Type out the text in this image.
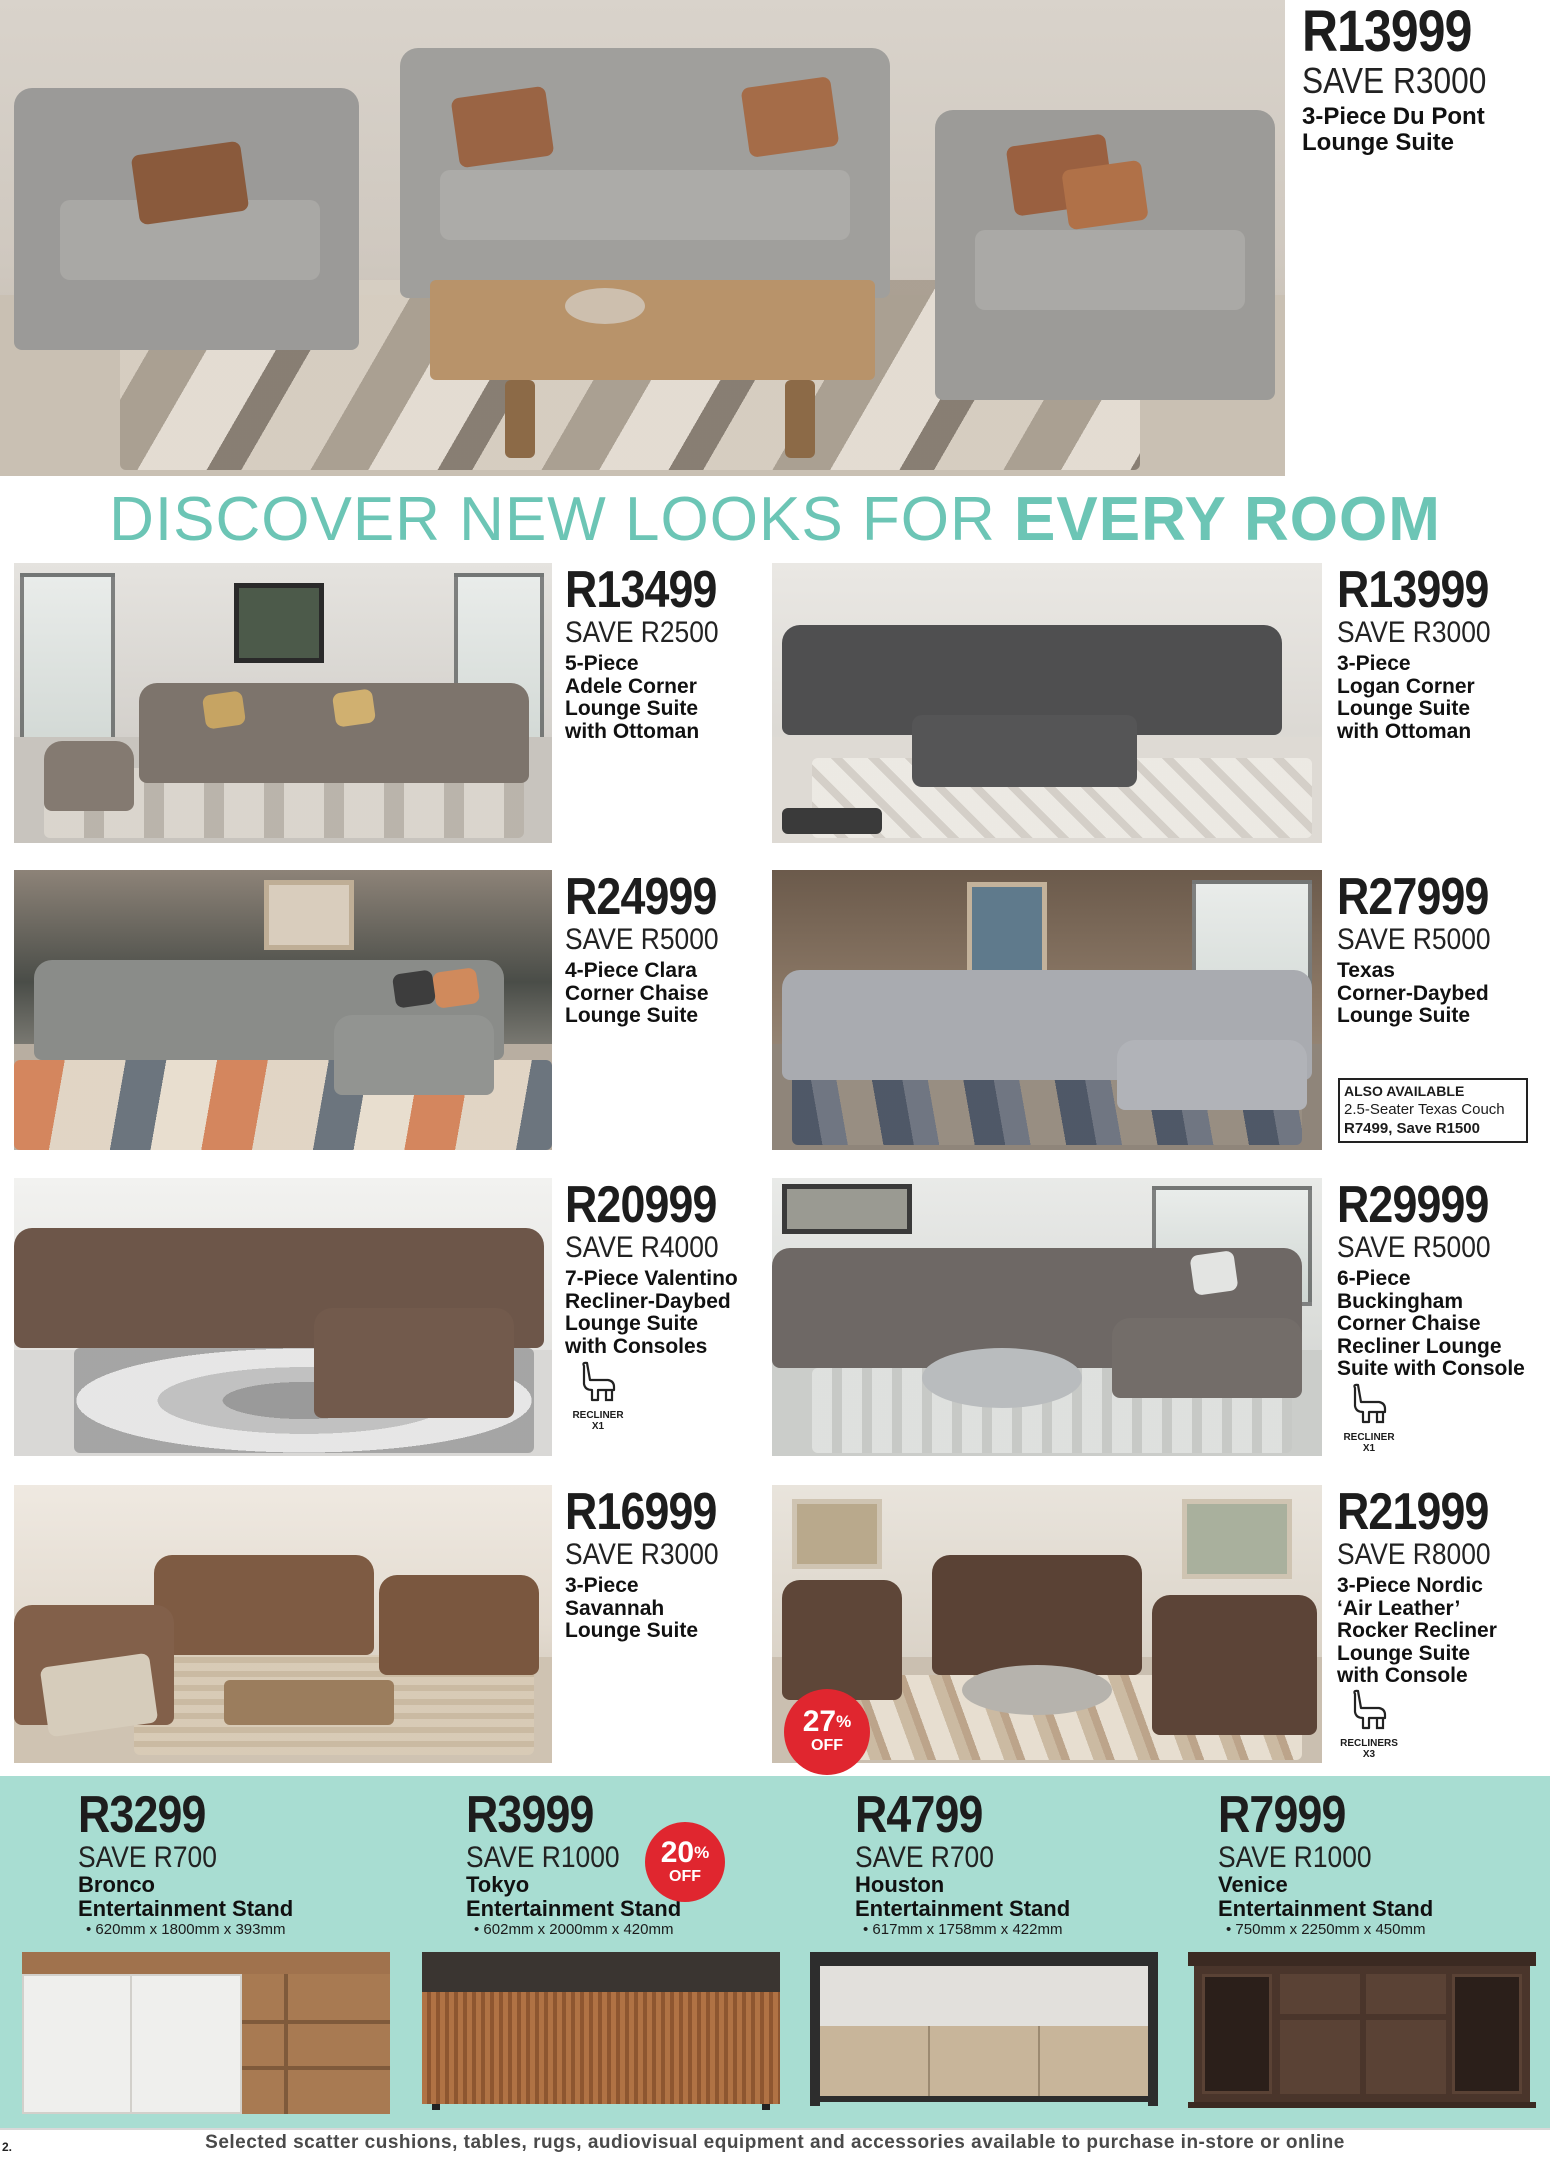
R13999
SAVE R3000
3-Piece Du Pont
Lounge Suite
DISCOVER NEW LOOKS FOR EVERY ROOM
R13499
SAVE R2500
5-Piece
Adele Corner
Lounge Suite
with Ottoman
R13999
SAVE R3000
3-Piece
Logan Corner
Lounge Suite
with Ottoman
R24999
SAVE R5000
4-Piece Clara
Corner Chaise
Lounge Suite
R27999
SAVE R5000
Texas
Corner-Daybed
Lounge Suite
ALSO AVAILABLE
2.5-Seater Texas Couch
R7499, Save R1500
R20999
SAVE R4000
7-Piece Valentino
Recliner-Daybed
Lounge Suite
with Consoles
RECLINER
X1
R29999
SAVE R5000
6-Piece
Buckingham
Corner Chaise
Recliner Lounge
Suite with Console
RECLINER
X1
R16999
SAVE R3000
3-Piece
Savannah
Lounge Suite
27%
OFF
R21999
SAVE R8000
3-Piece Nordic
‘Air Leather’
Rocker Recliner
Lounge Suite
with Console
RECLINERS
X3
R3299
SAVE R700
Bronco
Entertainment Stand
• 620mm x 1800mm x 393mm
R3999
SAVE R1000
Tokyo
Entertainment Stand
• 602mm x 2000mm x 420mm
20%
OFF
R4799
SAVE R700
Houston
Entertainment Stand
• 617mm x 1758mm x 422mm
R7999
SAVE R1000
Venice
Entertainment Stand
• 750mm x 2250mm x 450mm
Selected scatter cushions, tables, rugs, audiovisual equipment and accessories available to purchase in-store or online
2.
